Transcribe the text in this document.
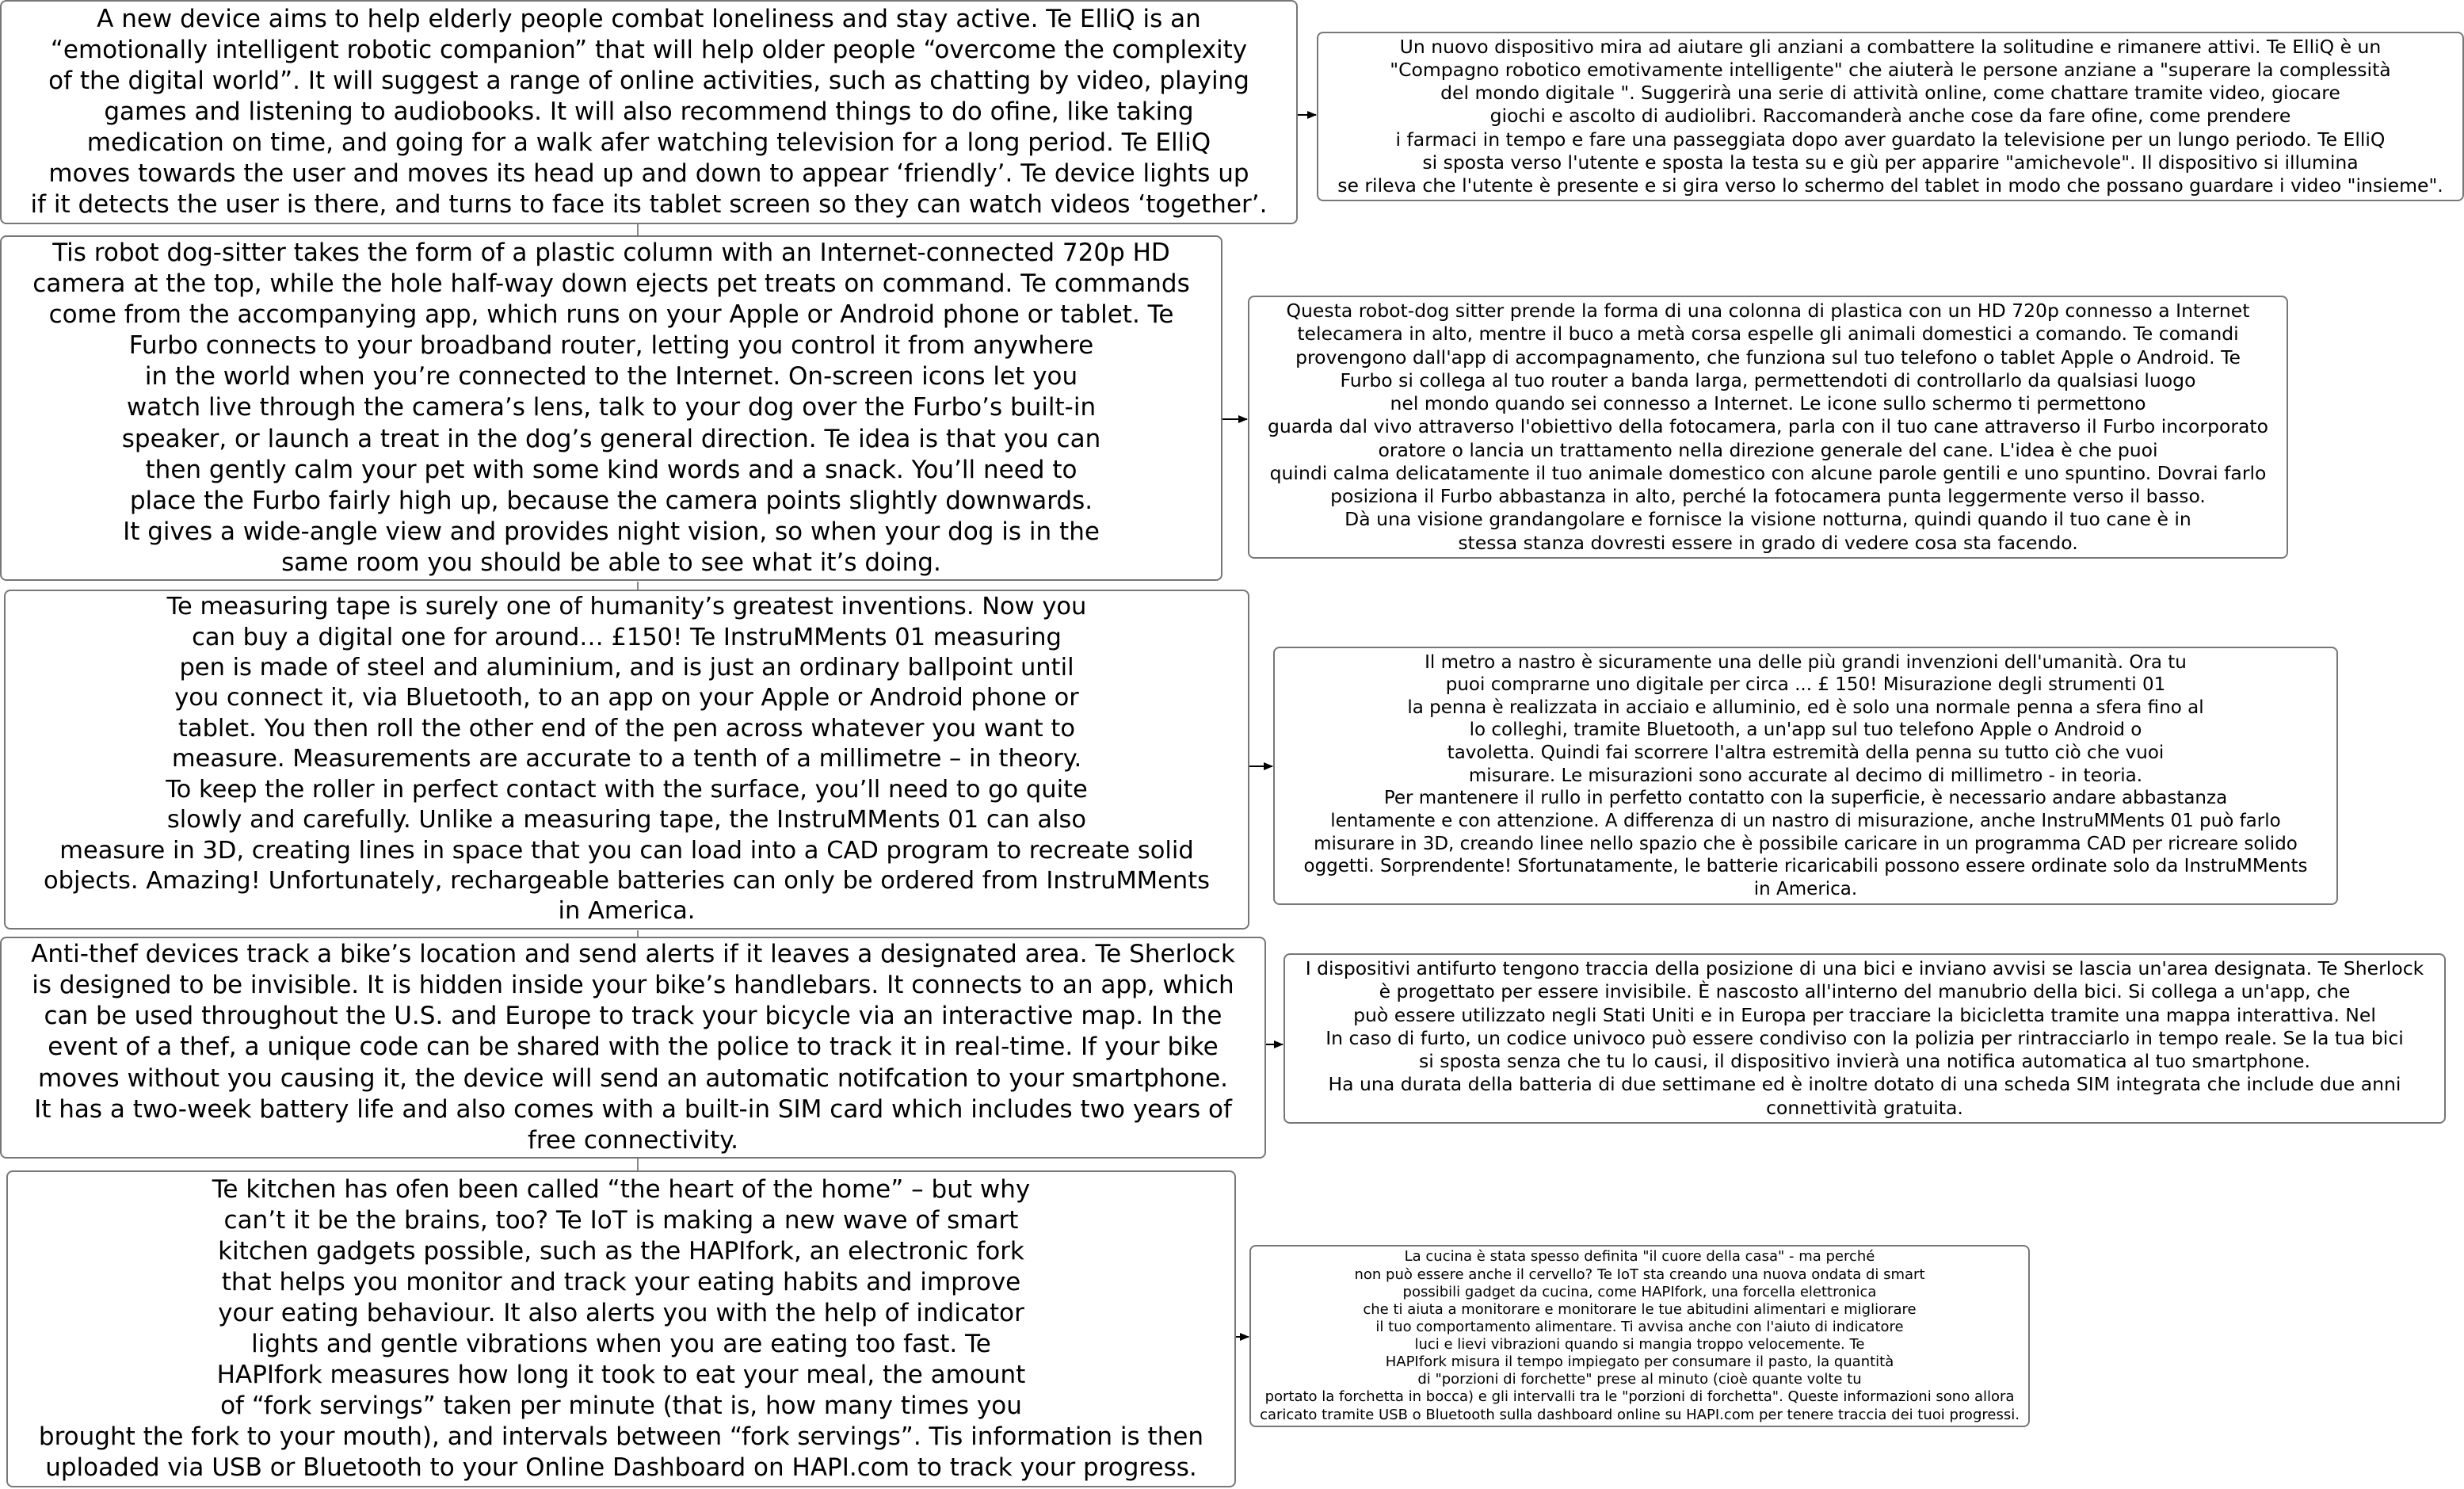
A new device aims to help elderly people combat loneliness and stay active. Te ElliQ is an
“emotionally intelligent robotic companion” that will help older people “overcome the complexity
of the digital world”. It will suggest a range of online activities, such as chatting by video, playing
games and listening to audiobooks. It will also recommend things to do ofine, like taking
medication on time, and going for a walk afer watching television for a long period. Te ElliQ
moves towards the user and moves its head up and down to appear ‘friendly’. Te device lights up
if it detects the user is there, and turns to face its tablet screen so they can watch videos ‘together’.
Un nuovo dispositivo mira ad aiutare gli anziani a combattere la solitudine e rimanere attivi. Te ElliQ è un
"Compagno robotico emotivamente intelligente" che aiuterà le persone anziane a "superare la complessità
del mondo digitale ". Suggerirà una serie di attività online, come chattare tramite video, giocare
giochi e ascolto di audiolibri. Raccomanderà anche cose da fare ofine, come prendere
i farmaci in tempo e fare una passeggiata dopo aver guardato la televisione per un lungo periodo. Te ElliQ
si sposta verso l'utente e sposta la testa su e giù per apparire "amichevole". Il dispositivo si illumina
se rileva che l'utente è presente e si gira verso lo schermo del tablet in modo che possano guardare i video "insieme".
Tis robot dog-sitter takes the form of a plastic column with an Internet-connected 720p HD
camera at the top, while the hole half-way down ejects pet treats on command. Te commands
come from the accompanying app, which runs on your Apple or Android phone or tablet. Te
Furbo connects to your broadband router, letting you control it from anywhere
in the world when you’re connected to the Internet. On-screen icons let you
watch live through the camera’s lens, talk to your dog over the Furbo’s built-in
speaker, or launch a treat in the dog’s general direction. Te idea is that you can
then gently calm your pet with some kind words and a snack. You’ll need to
place the Furbo fairly high up, because the camera points slightly downwards.
It gives a wide-angle view and provides night vision, so when your dog is in the
same room you should be able to see what it’s doing.
Questa robot-dog sitter prende la forma di una colonna di plastica con un HD 720p connesso a Internet
telecamera in alto, mentre il buco a metà corsa espelle gli animali domestici a comando. Te comandi
provengono dall'app di accompagnamento, che funziona sul tuo telefono o tablet Apple o Android. Te
Furbo si collega al tuo router a banda larga, permettendoti di controllarlo da qualsiasi luogo
nel mondo quando sei connesso a Internet. Le icone sullo schermo ti permettono
guarda dal vivo attraverso l'obiettivo della fotocamera, parla con il tuo cane attraverso il Furbo incorporato
oratore o lancia un trattamento nella direzione generale del cane. L'idea è che puoi
quindi calma delicatamente il tuo animale domestico con alcune parole gentili e uno spuntino. Dovrai farlo
posiziona il Furbo abbastanza in alto, perché la fotocamera punta leggermente verso il basso.
Dà una visione grandangolare e fornisce la visione notturna, quindi quando il tuo cane è in
stessa stanza dovresti essere in grado di vedere cosa sta facendo.
Te measuring tape is surely one of humanity’s greatest inventions. Now you
can buy a digital one for around… £150! Te InstruMMents 01 measuring
pen is made of steel and aluminium, and is just an ordinary ballpoint until
you connect it, via Bluetooth, to an app on your Apple or Android phone or
tablet. You then roll the other end of the pen across whatever you want to
measure. Measurements are accurate to a tenth of a millimetre – in theory.
To keep the roller in perfect contact with the surface, you’ll need to go quite
slowly and carefully. Unlike a measuring tape, the InstruMMents 01 can also
measure in 3D, creating lines in space that you can load into a CAD program to recreate solid
objects. Amazing! Unfortunately, rechargeable batteries can only be ordered from InstruMMents
in America.
Il metro a nastro è sicuramente una delle più grandi invenzioni dell'umanità. Ora tu
puoi comprarne uno digitale per circa ... £ 150! Misurazione degli strumenti 01
la penna è realizzata in acciaio e alluminio, ed è solo una normale penna a sfera fino al
lo colleghi, tramite Bluetooth, a un'app sul tuo telefono Apple o Android o
tavoletta. Quindi fai scorrere l'altra estremità della penna su tutto ciò che vuoi
misurare. Le misurazioni sono accurate al decimo di millimetro - in teoria.
Per mantenere il rullo in perfetto contatto con la superficie, è necessario andare abbastanza
lentamente e con attenzione. A differenza di un nastro di misurazione, anche InstruMMents 01 può farlo
misurare in 3D, creando linee nello spazio che è possibile caricare in un programma CAD per ricreare solido
oggetti. Sorprendente! Sfortunatamente, le batterie ricaricabili possono essere ordinate solo da InstruMMents
in America.
Anti-thef devices track a bike’s location and send alerts if it leaves a designated area. Te Sherlock
is designed to be invisible. It is hidden inside your bike’s handlebars. It connects to an app, which
can be used throughout the U.S. and Europe to track your bicycle via an interactive map. In the
event of a thef, a unique code can be shared with the police to track it in real-time. If your bike
moves without you causing it, the device will send an automatic notifcation to your smartphone.
It has a two-week battery life and also comes with a built-in SIM card which includes two years of
free connectivity.
I dispositivi antifurto tengono traccia della posizione di una bici e inviano avvisi se lascia un'area designata. Te Sherlock
è progettato per essere invisibile. È nascosto all'interno del manubrio della bici. Si collega a un'app, che
può essere utilizzato negli Stati Uniti e in Europa per tracciare la bicicletta tramite una mappa interattiva. Nel
In caso di furto, un codice univoco può essere condiviso con la polizia per rintracciarlo in tempo reale. Se la tua bici
si sposta senza che tu lo causi, il dispositivo invierà una notifica automatica al tuo smartphone.
Ha una durata della batteria di due settimane ed è inoltre dotato di una scheda SIM integrata che include due anni
connettività gratuita.
Te kitchen has ofen been called “the heart of the home” – but why
can’t it be the brains, too? Te IoT is making a new wave of smart
kitchen gadgets possible, such as the HAPIfork, an electronic fork
that helps you monitor and track your eating habits and improve
your eating behaviour. It also alerts you with the help of indicator
lights and gentle vibrations when you are eating too fast. Te
HAPIfork measures how long it took to eat your meal, the amount
of “fork servings” taken per minute (that is, how many times you
brought the fork to your mouth), and intervals between “fork servings”. Tis information is then
uploaded via USB or Bluetooth to your Online Dashboard on HAPI.com to track your progress.
La cucina è stata spesso definita "il cuore della casa" - ma perché
non può essere anche il cervello? Te IoT sta creando una nuova ondata di smart
possibili gadget da cucina, come HAPIfork, una forcella elettronica
che ti aiuta a monitorare e monitorare le tue abitudini alimentari e migliorare
il tuo comportamento alimentare. Ti avvisa anche con l'aiuto di indicatore
luci e lievi vibrazioni quando si mangia troppo velocemente. Te
HAPIfork misura il tempo impiegato per consumare il pasto, la quantità
di "porzioni di forchette" prese al minuto (cioè quante volte tu
portato la forchetta in bocca) e gli intervalli tra le "porzioni di forchetta". Queste informazioni sono allora
caricato tramite USB o Bluetooth sulla dashboard online su HAPI.com per tenere traccia dei tuoi progressi.
